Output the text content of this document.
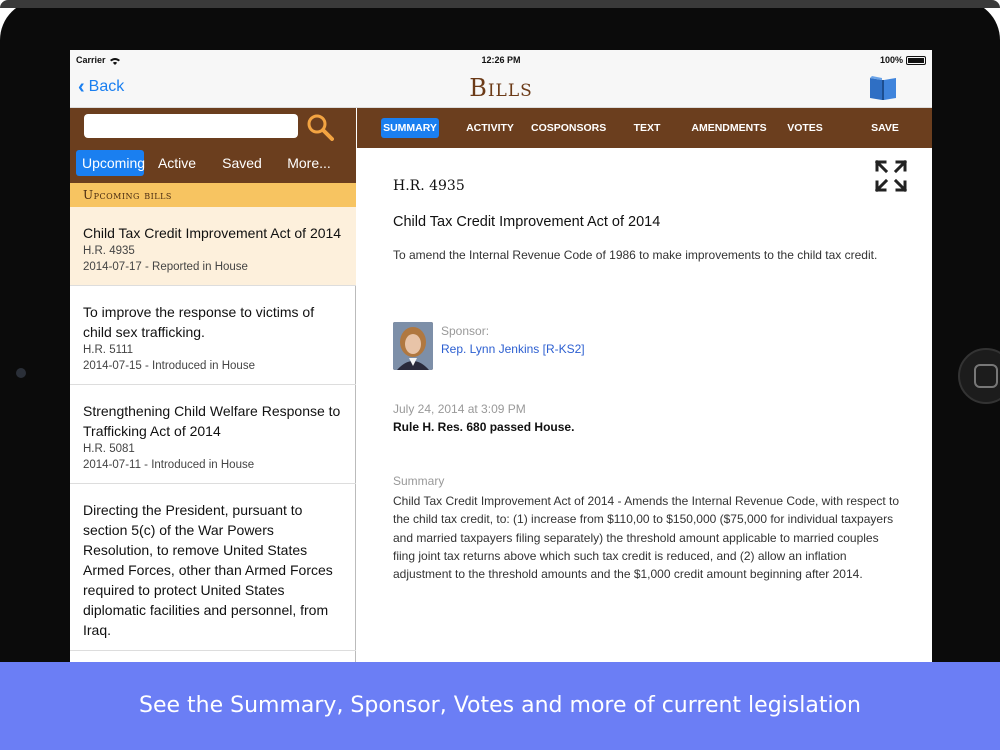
Carrier	12:26 PM	100%
‹ Back	Bills
Upcoming Active	Saved	More...
Upcoming bills
Child Tax Credit Improvement Act of 2014
H.R. 4935
2014-07-17 - Reported in House
To improve the response to victims of child sex trafficking.
H.R. 5111
2014-07-15 - Introduced in House
Strengthening Child Welfare Response to Trafficking Act of 2014
H.R. 5081
2014-07-11 - Introduced in House
Directing the President, pursuant to section 5(c) of the War Powers Resolution, to remove United States Armed Forces, other than Armed Forces required to protect United States diplomatic facilities and personnel, from Iraq.
SUMMARY	ACTIVITY	COSPONSORS	TEXT	AMENDMENTS VOTES	SAVE
H.R. 4935
Child Tax Credit Improvement Act of 2014
To amend the Internal Revenue Code of 1986 to make improvements to the child tax credit.
Sponsor:
Rep. Lynn Jenkins [R-KS2]
July 24, 2014 at 3:09 PM
Rule H. Res. 680 passed House.
Summary
Child Tax Credit Improvement Act of 2014 - Amends the Internal Revenue Code, with respect to the child tax credit, to: (1) increase from $110,00 to $150,000 ($75,000 for individual taxpayers and married taxpayers filing separately) the threshold amount applicable to married couples fiing joint tax returns above which such tax credit is reduced, and (2) allow an inflation adjustment to the threshold amounts and the $1,000 credit amount beginning after 2014.
See the Summary, Sponsor, Votes and more of current legislation
